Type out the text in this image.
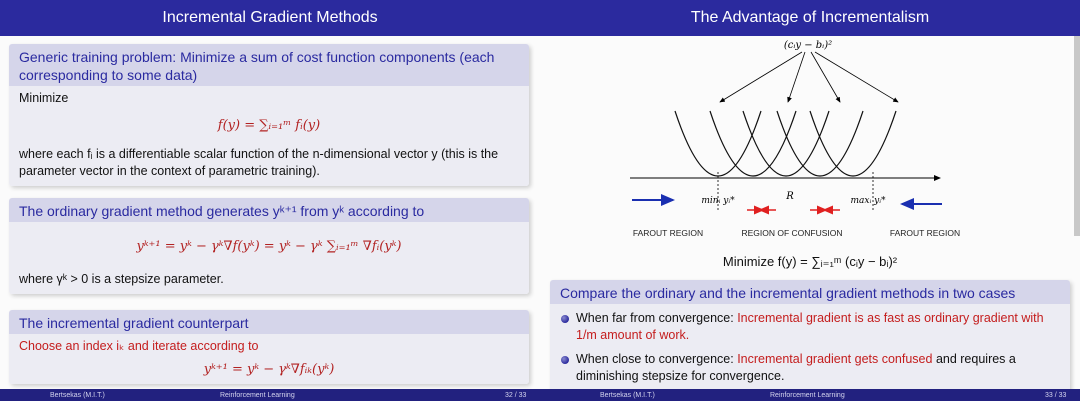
Incremental Gradient Methods
Generic training problem: Minimize a sum of cost function components (each corresponding to some data)
Minimize
f(y) = ∑ᵢ₌₁ᵐ fᵢ(y)
where each fᵢ is a differentiable scalar function of the n-dimensional vector y (this is the parameter vector in the context of parametric training).
The ordinary gradient method generates yᵏ⁺¹ from yᵏ according to
yᵏ⁺¹ = yᵏ − γᵏ∇f(yᵏ) = yᵏ − γᵏ ∑ᵢ₌₁ᵐ ∇fᵢ(yᵏ)
where γᵏ > 0 is a stepsize parameter.
The incremental gradient counterpart
Choose an index iₖ and iterate according to
yᵏ⁺¹ = yᵏ − γᵏ∇fᵢₖ(yᵏ)
Bertsekas (M.I.T.)	Reinforcement Learning	32 / 33
The Advantage of Incrementalism
(cᵢy − bᵢ)²
minᵢ yᵢ*	R	maxᵢ yᵢ*
FAROUT REGION	REGION OF CONFUSION	FAROUT REGION
Minimize f(y) = ∑ᵢ₌₁ᵐ (cᵢy − bᵢ)²
Compare the ordinary and the incremental gradient methods in two cases
When far from convergence: Incremental gradient is as fast as ordinary gradient with 1/m amount of work.
When close to convergence: Incremental gradient gets confused and requires a diminishing stepsize for convergence.
Bertsekas (M.I.T.)	Reinforcement Learning	33 / 33
